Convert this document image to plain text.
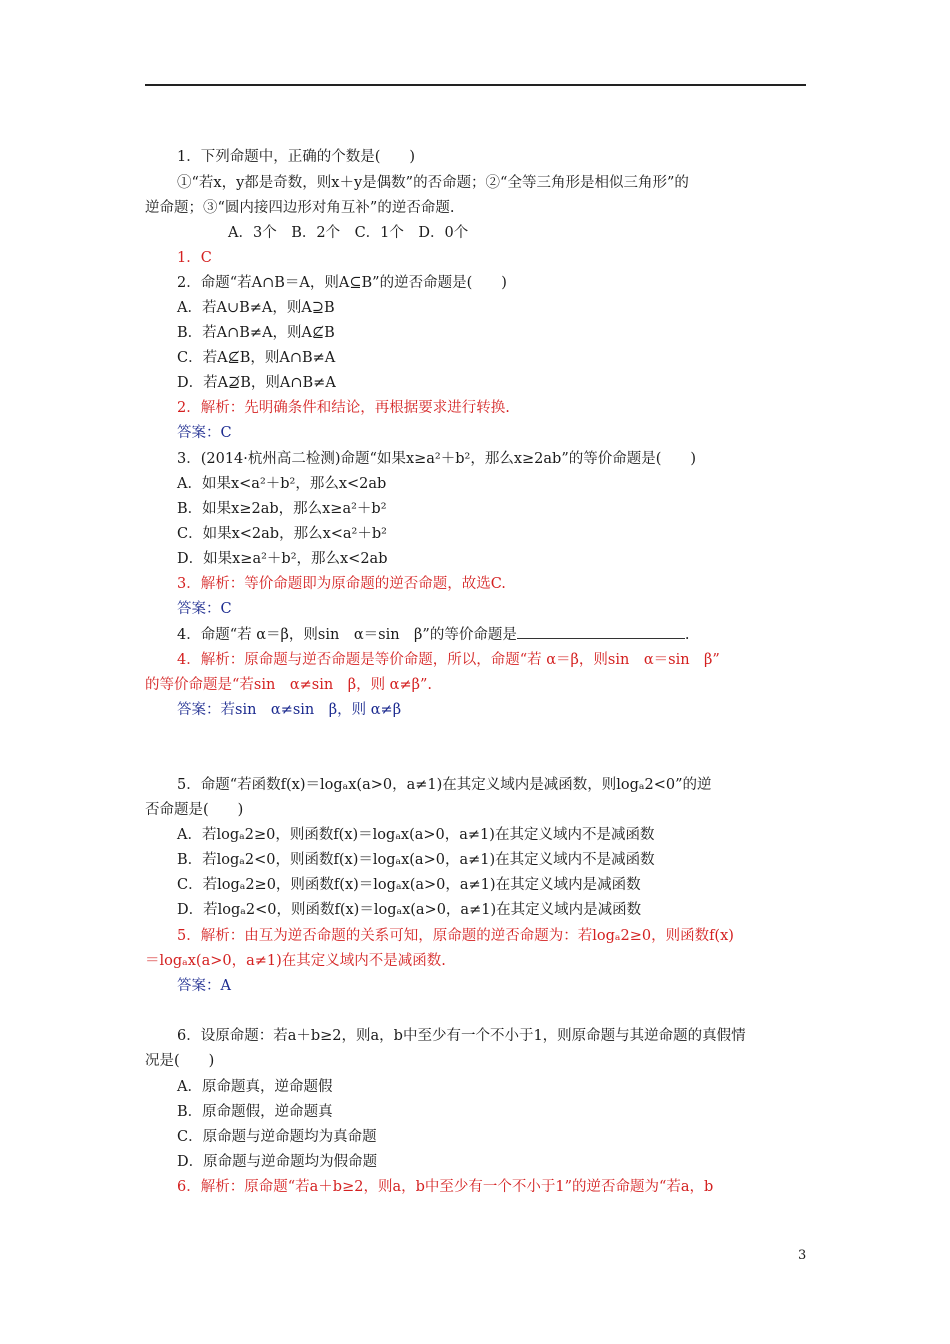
1．下列命题中，正确的个数是(　　)
①“若x，y都是奇数，则x＋y是偶数”的否命题；②“全等三角形是相似三角形”的
逆命题；③“圆内接四边形对角互补”的逆否命题.
A．3个　B．2个　C．1个　D．0个
1．C
2．命题“若A∩B＝A，则A⊆B”的逆否命题是(　　)
A．若A∪B≠A，则A⊇B
B．若A∩B≠A，则A⊈B
C．若A⊈B，则A∩B≠A
D．若A⊉B，则A∩B≠A
2．解析：先明确条件和结论，再根据要求进行转换.
答案：C
3．(2014·杭州高二检测)命题“如果x≥a²＋b²，那么x≥2ab”的等价命题是(　　)
A．如果x<a²＋b²，那么x<2ab
B．如果x≥2ab，那么x≥a²＋b²
C．如果x<2ab，那么x<a²＋b²
D．如果x≥a²＋b²，那么x<2ab
3．解析：等价命题即为原命题的逆否命题，故选C.
答案：C
4．命题“若 α＝β，则sin　α＝sin　β”的等价命题是	.
4．解析：原命题与逆否命题是等价命题，所以，命题“若 α＝β，则sin　α＝sin　β”
的等价命题是“若sin　α≠sin　β，则 α≠β”.
答案：若sin　α≠sin　β，则 α≠β
5．命题“若函数f(x)＝logₐx(a>0，a≠1)在其定义域内是减函数，则logₐ2<0”的逆
否命题是(　　)
A．若logₐ2≥0，则函数f(x)＝logₐx(a>0，a≠1)在其定义域内不是减函数
B．若logₐ2<0，则函数f(x)＝logₐx(a>0，a≠1)在其定义域内不是减函数
C．若logₐ2≥0，则函数f(x)＝logₐx(a>0，a≠1)在其定义域内是减函数
D．若logₐ2<0，则函数f(x)＝logₐx(a>0，a≠1)在其定义域内是减函数
5．解析：由互为逆否命题的关系可知，原命题的逆否命题为：若logₐ2≥0，则函数f(x)
＝logₐx(a>0，a≠1)在其定义域内不是减函数.
答案：A
6．设原命题：若a＋b≥2，则a，b中至少有一个不小于1，则原命题与其逆命题的真假情
况是(　　)
A．原命题真，逆命题假
B．原命题假，逆命题真
C．原命题与逆命题均为真命题
D．原命题与逆命题均为假命题
6．解析：原命题“若a＋b≥2，则a，b中至少有一个不小于1”的逆否命题为“若a，b
3
